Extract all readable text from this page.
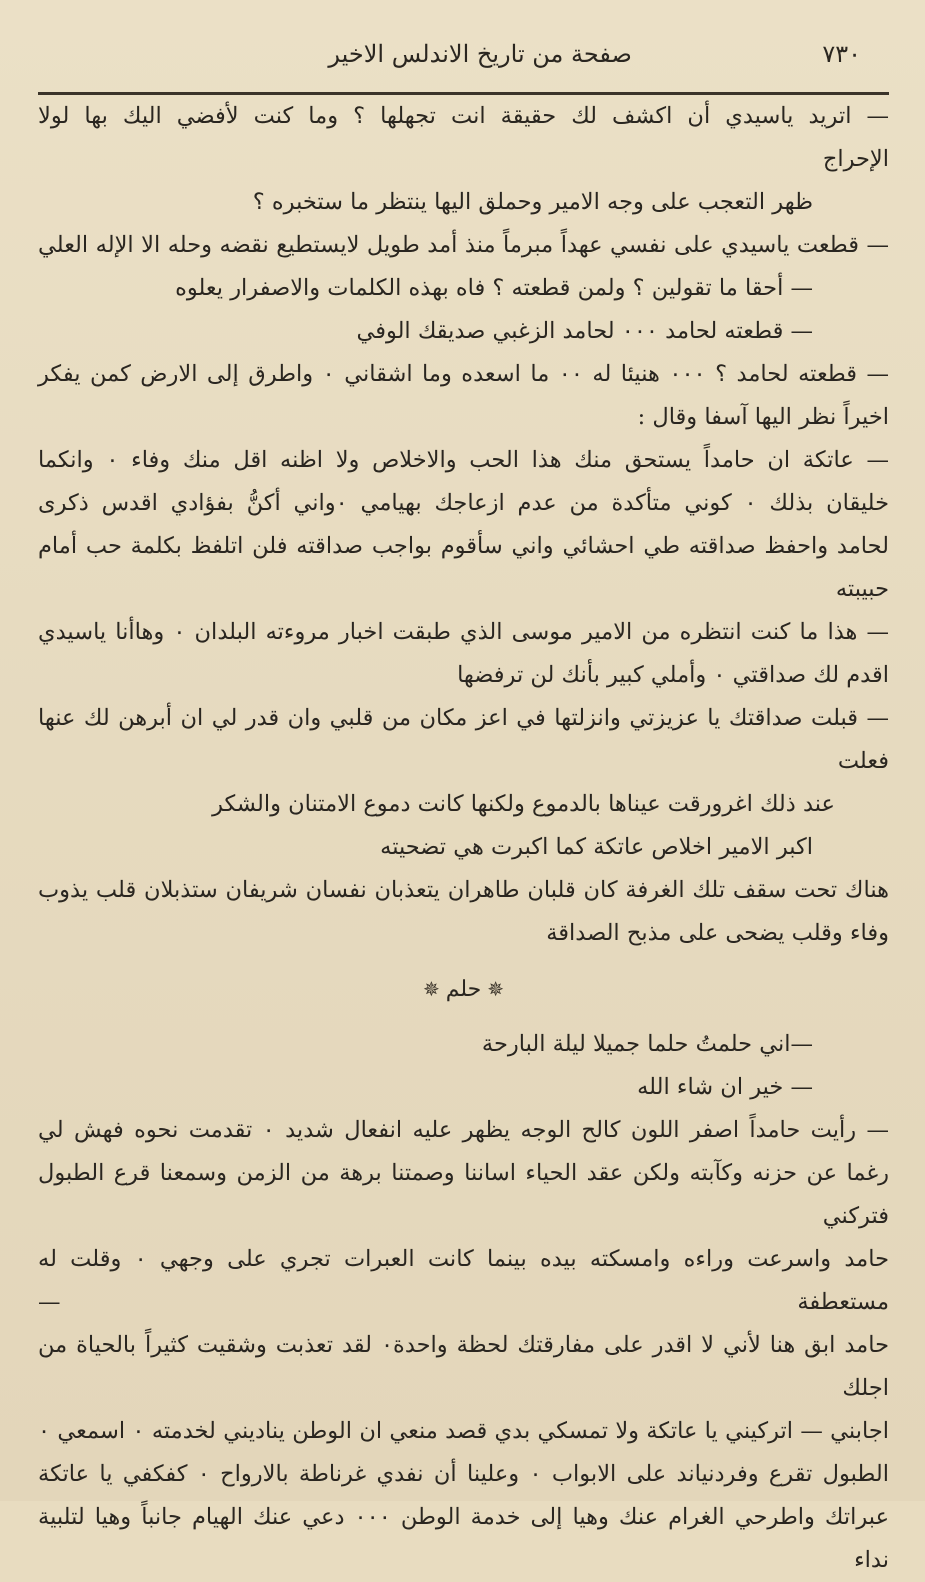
٧٣٠
صفحة من تاريخ الاندلس الاخير

— اتريد ياسيدي أن اكشف لك حقيقة انت تجهلها ؟ وما كنت لأفضي اليك بها لولا

الإحراج

ظهر التعجب على وجه الامير وحملق اليها ينتظر ما ستخبره ؟

— قطعت ياسيدي على نفسي عهداً مبرماً منذ أمد طويل لايستطيع نقضه وحله الا الإله العلي

— أحقا ما تقولين ؟ ولمن قطعته ؟ فاه بهذه الكلمات والاصفرار يعلوه

— قطعته لحامد ٠٠٠ لحامد الزغبي صديقك الوفي

— قطعته لحامد ؟ ٠٠٠ هنيئا له ٠٠ ما اسعده وما اشقاني ٠ واطرق إلى الارض كمن يفكر

اخيراً نظر اليها آسفا وقال :

— عاتكة ان حامداً يستحق منك هذا الحب والاخلاص ولا اظنه اقل منك وفاء ٠ وانكما

خليقان بذلك ٠ كوني متأكدة من عدم ازعاجك بهيامي ٠واني أكنُّ بفؤادي اقدس ذكرى

لحامد واحفظ صداقته طي احشائي واني سأقوم بواجب صداقته فلن اتلفظ بكلمة حب أمام حبيبته

— هذا ما كنت انتظره من الامير موسى الذي طبقت اخبار مروءته البلدان ٠ وهاأنا ياسيدي

اقدم لك صداقتي ٠ وأملي كبير بأنك لن ترفضها

— قبلت صداقتك يا عزيزتي وانزلتها في اعز مكان من قلبي وان قدر لي ان أبرهن لك عنها فعلت

عند ذلك اغرورقت عيناها بالدموع ولكنها كانت دموع الامتنان والشكر

اكبر الامير اخلاص عاتكة كما اكبرت هي تضحيته

هناك تحت سقف تلك الغرفة كان قلبان طاهران يتعذبان نفسان شريفان ستذبلان قلب يذوب

وفاء وقلب يضحى على مذبح الصداقة

✵حلم✵

—اني حلمتُ حلما جميلا ليلة البارحة

— خير ان شاء الله

— رأيت حامداً اصفر اللون كالح الوجه يظهر عليه انفعال شديد ٠ تقدمت نحوه فهش لي

رغما عن حزنه وكآبته ولكن عقد الحياء اساننا وصمتنا برهة من الزمن وسمعنا قرع الطبول فتركني

حامد واسرعت وراءه وامسكته بيده بينما كانت العبرات تجري على وجهي ٠ وقلت له مستعطفة —

حامد ابق هنا لأني لا اقدر على مفارقتك لحظة واحدة٠ لقد تعذبت وشقيت كثيراً بالحياة من اجلك

اجابني — اتركيني يا عاتكة ولا تمسكي بدي قصد منعي ان الوطن يناديني لخدمته ٠ اسمعي ٠

الطبول تقرع وفردنياند على الابواب ٠ وعلينا أن نفدي غرناطة بالارواح ٠ كفكفي يا عاتكة

عبراتك واطرحي الغرام عنك وهيا إلى خدمة الوطن ٠٠٠ دعي عنك الهيام جانباً وهيا لتلبية نداء
